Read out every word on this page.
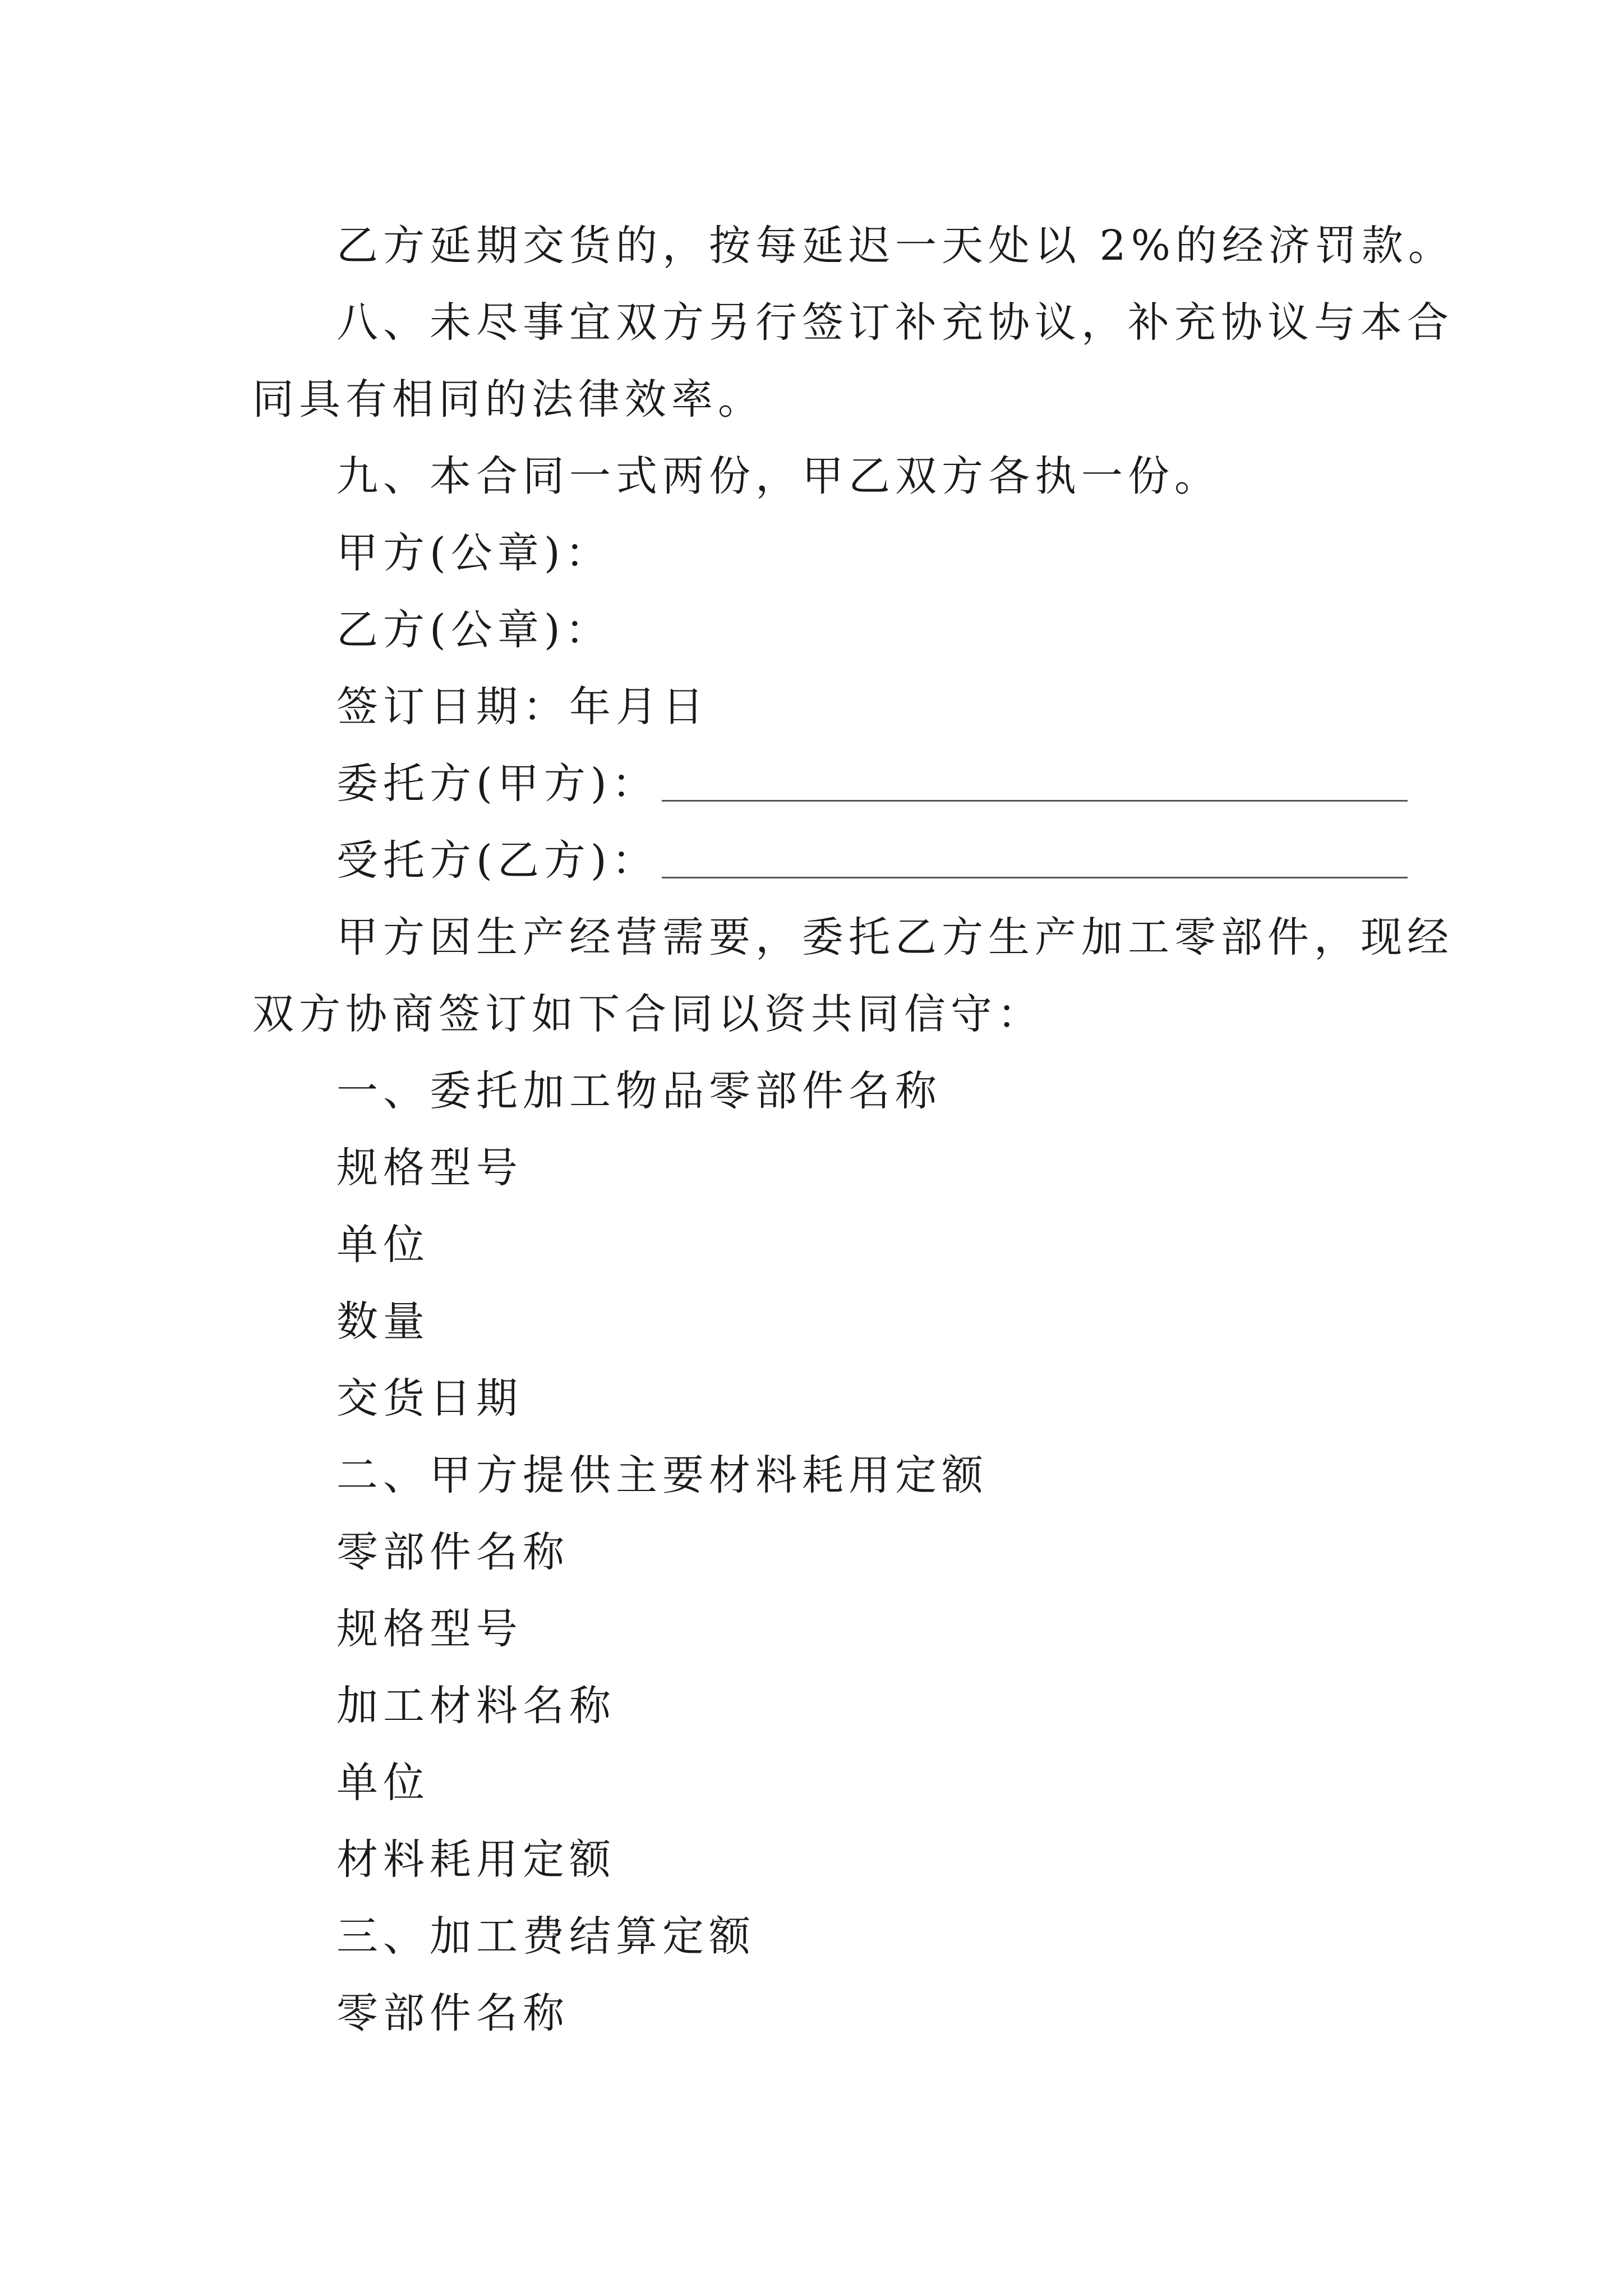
乙方延期交货的，按每延迟一天处以 2%的经济罚款。
八、未尽事宜双方另行签订补充协议，补充协议与本合
同具有相同的法律效率。
九、本合同一式两份，甲乙双方各执一份。
甲方(公章)：
乙方(公章)：
签订日期：年月日
委托方(甲方)：
受托方(乙方)：
甲方因生产经营需要，委托乙方生产加工零部件，现经
双方协商签订如下合同以资共同信守：
一、委托加工物品零部件名称
规格型号
单位
数量
交货日期
二、甲方提供主要材料耗用定额
零部件名称
规格型号
加工材料名称
单位
材料耗用定额
三、加工费结算定额
零部件名称
